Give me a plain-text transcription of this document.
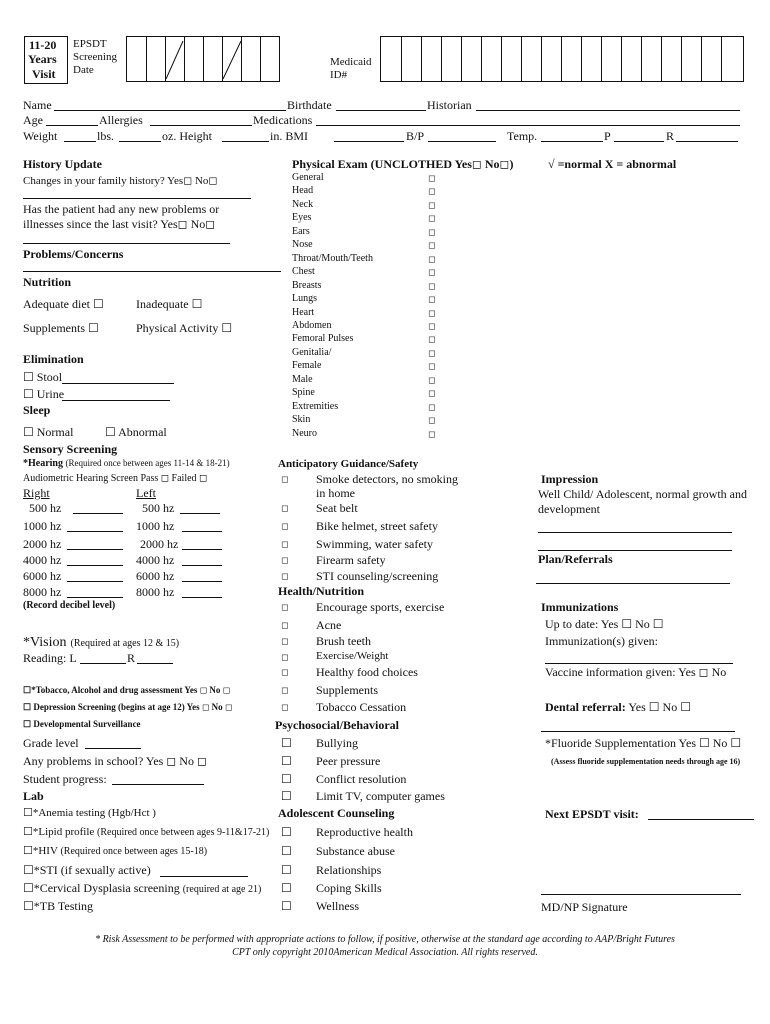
11-20
Years
Visit
EPSDT
Screening
Date
Medicaid
ID#
Name	Birthdate	Historian
Age	Allergies	Medications
Weight	lbs.	oz. Height	in. BMI	B/P	Temp.	P	R
History Update
Changes in your family history? Yes◻ No◻
Has the patient had any new problems or
illnesses since the last visit? Yes◻ No◻
Problems/Concerns
Nutrition
Adequate diet ☐	Inadequate ☐
Supplements ☐	Physical Activity ☐
Elimination
☐ Stool
☐ Urine
Sleep
☐ Normal	☐ Abnormal
Sensory Screening
*Hearing (Required once between ages 11-14 & 18-21)
Audiometric Hearing Screen Pass ◻ Failed ◻
Right	Left
500 hz	500 hz
1000 hz	1000 hz
2000 hz	2000 hz
4000 hz	4000 hz
6000 hz	6000 hz
8000 hz	8000 hz
(Record decibel level)
*Vision (Required at ages 12 & 15)
Reading: L	R
☐*Tobacco, Alcohol and drug assessment Yes ◻ No ◻
☐ Depression Screening (begins at age 12) Yes ◻ No ◻
☐ Developmental Surveillance
Grade level
Any problems in school? Yes ◻ No ◻
Student progress:
Lab
☐*Anemia testing (Hgb/Hct )
☐*Lipid profile (Required once between ages 9-11&17-21)
☐*HIV (Required once between ages 15-18)
☐*STI (if sexually active)
☐*Cervical Dysplasia screening (required at age 21)
☐*TB Testing
Physical Exam (UNCLOTHED Yes◻ No◻)	√ =normal X = abnormal
General	◻
Head	◻
Neck	◻
Eyes	◻
Ears	◻
Nose	◻
Throat/Mouth/Teeth	◻
Chest	◻
Breasts	◻
Lungs	◻
Heart	◻
Abdomen	◻
Femoral Pulses	◻
Genitalia/	◻
Female	◻
Male	◻
Spine	◻
Extremities	◻
Skin	◻
Neuro	◻
Anticipatory Guidance/Safety
◻ Smoke detectors, no smoking
in home
◻ Seat belt
◻ Bike helmet, street safety
◻ Swimming, water safety
◻ Firearm safety
◻ STI counseling/screening
Health/Nutrition
◻ Encourage sports, exercise
◻ Acne
◻ Brush teeth
◻	Exercise/Weight
◻ Healthy food choices
◻ Supplements
◻ Tobacco Cessation
Psychosocial/Behavioral
☐ Bullying
☐ Peer pressure
☐ Conflict resolution
☐ Limit TV, computer games
Adolescent Counseling
☐ Reproductive health
☐ Substance abuse
☐ Relationships
☐ Coping Skills
☐ Wellness
Impression
Well Child/ Adolescent, normal growth and
development
Plan/Referrals
Immunizations
Up to date: Yes ☐ No ☐
Immunization(s) given:
Vaccine information given: Yes ◻ No
Dental referral: Yes ☐ No ☐
*Fluoride Supplementation Yes ☐ No ☐
(Assess fluoride supplementation needs through age 16)
Next EPSDT visit:
MD/NP Signature
* Risk Assessment to be performed with appropriate actions to follow, if positive, otherwise at the standard age according to AAP/Bright Futures
CPT only copyright 2010American Medical Association. All rights reserved.
